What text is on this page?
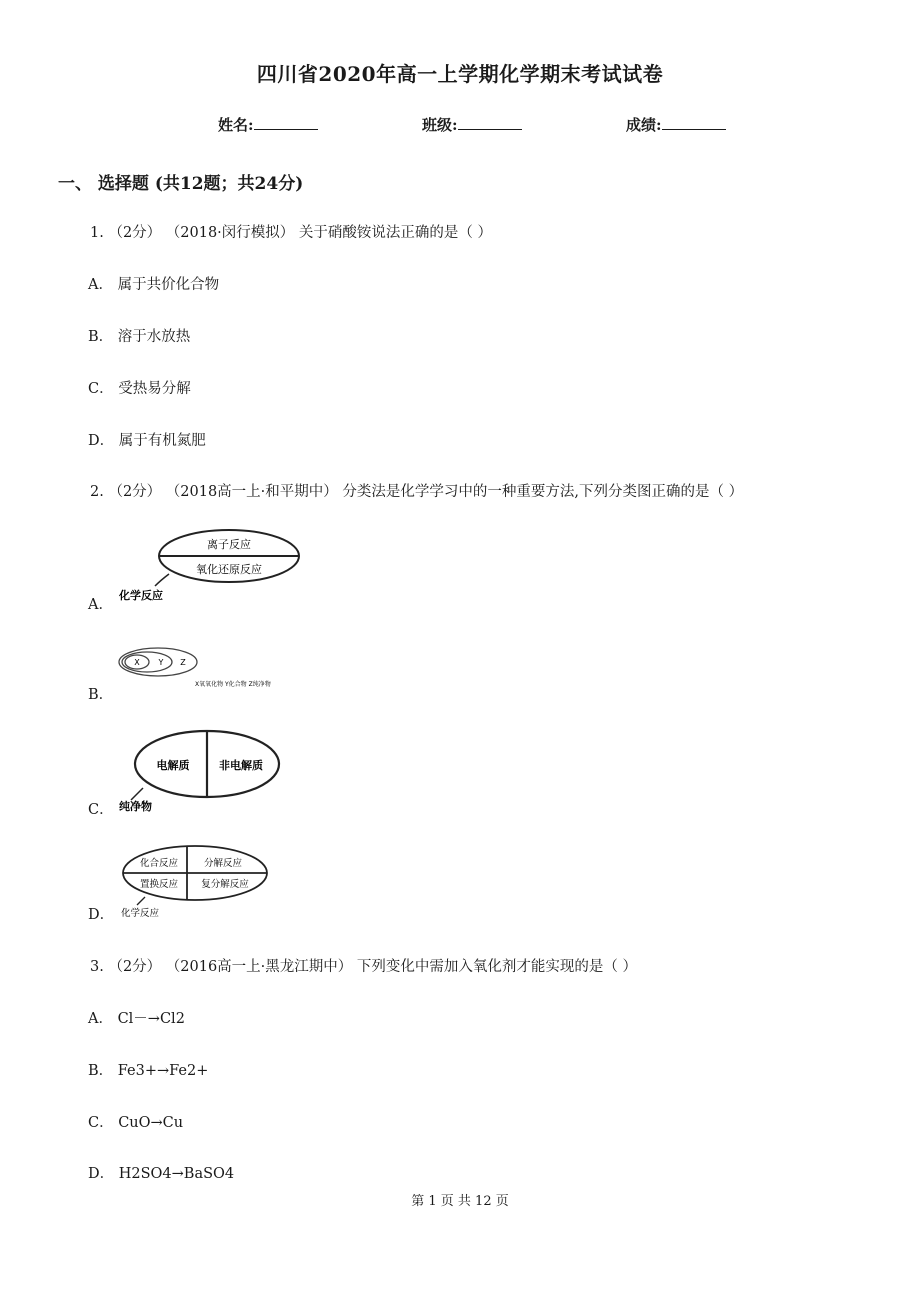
四川省2020年高一上学期化学期末考试试卷
姓名:	班级:	成绩:
一、 选择题 (共12题；共24分)
1. （2分） （2018·闵行模拟） 关于硝酸铵说法正确的是（ ）
A． 属于共价化合物
B． 溶于水放热
C． 受热易分解
D． 属于有机氮肥
2. （2分） （2018高一上·和平期中） 分类法是化学学习中的一种重要方法,下列分类图正确的是（ ）
A．
离子反应
氧化还原反应
化学反应
B．
X Y Z
X氧氧化物 Y化合物 Z纯净物
C．
电解质	非电解质
纯净物
D．
化合反应	分解反应
置换反应 复分解反应
化学反应
3. （2分） （2016高一上·黑龙江期中） 下列变化中需加入氧化剂才能实现的是（ ）
A． Cl－→Cl2
B． Fe3+→Fe2+
C． CuO→Cu
D． H2SO4→BaSO4
第 1 页 共 12 页
